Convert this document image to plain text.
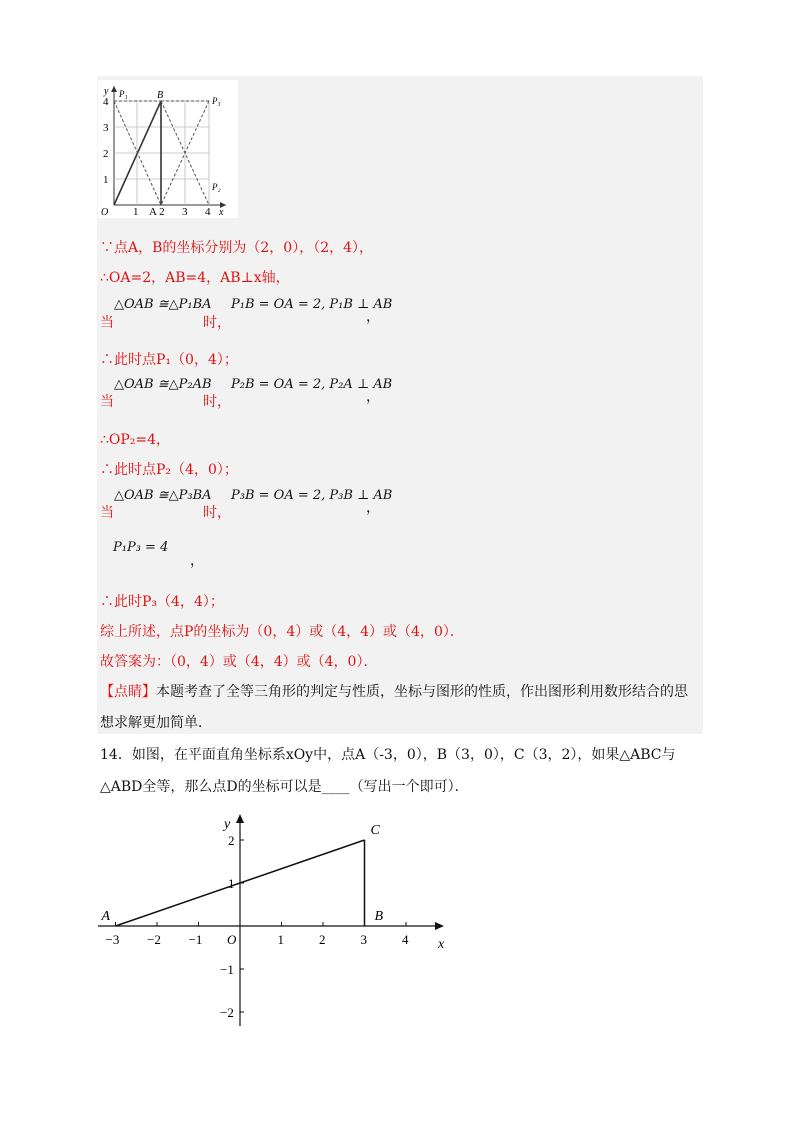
y
O	x
1 A 2 3 4
1
2
3
4
B
P₁
P₃
P₂
∵点A，B的坐标分别为（2，0），（2，4），
∴OA=2，AB=4，AB⊥x轴，
△OAB ≅△P₁BA
当	时，
P₁B = OA = 2, P₁B ⊥ AB
，
∴此时点P₁（0，4）；
△OAB ≅△P₂AB
当	时，
P₂B = OA = 2, P₂A ⊥ AB
，
∴OP₂=4，
∴此时点P₂（4，0）；
△OAB ≅△P₃BA
当	时，
P₃B = OA = 2, P₃B ⊥ AB
，
P₁P₃ = 4
，
∴此时P₃（4，4）；
综上所述，点P的坐标为（0，4）或（4，4）或（4，0）．
故答案为：（0，4）或（4，4）或（4，0）．
【点睛】本题考查了全等三角形的判定与性质，坐标与图形的性质，作出图形利用数形结合的思
想求解更加简单．
14．如图，在平面直角坐标系xOy中，点A（-3，0），B（3，0），C（3，2），如果△ABC与
△ABD全等，那么点D的坐标可以是____（写出一个即可）．
x
y
O
−3 −2 −1	1	2	3	4
2
1
−1
−2
A	B
C
